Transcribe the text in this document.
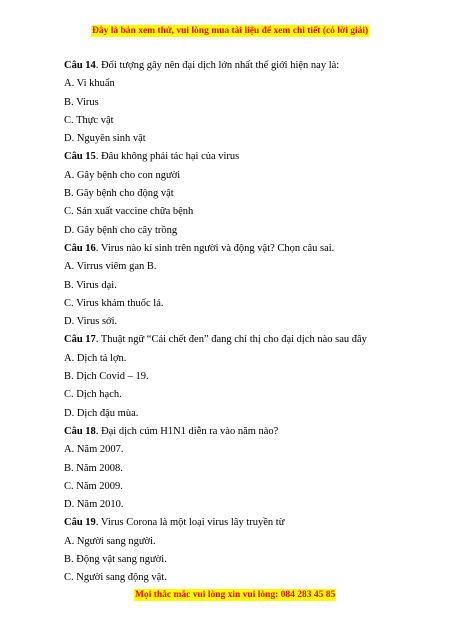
Đây là bản xem thử, vui lòng mua tài liệu để xem chi tiết (có lời giải)
Câu 14. Đối tượng gây nên đại dịch lớn nhất thế giới hiện nay là:
A. Vi khuẩn
B. Virus
C. Thực vật
D. Nguyên sinh vật
Câu 15. Đâu không phải tác hại của virus
A. Gây bệnh cho con người
B. Gây bệnh cho động vật
C. Sản xuất vaccine chữa bệnh
D. Gây bệnh cho cây trồng
Câu 16. Virus nào kí sinh trên người và động vật? Chọn câu sai.
A. Virrus viêm gan B.
B. Virus dại.
C. Virus khảm thuốc lá.
D. Virus sởi.
Câu 17. Thuật ngữ “Cái chết đen” đang chỉ thị cho đại dịch nào sau đây
A. Dịch tả lợn.
B. Dịch Covid – 19.
C. Dịch hạch.
D. Dịch đậu mùa.
Câu 18. Đại dịch cúm H1N1 diễn ra vào năm nào?
A. Năm 2007.
B. Năm 2008.
C. Năm 2009.
D. Năm 2010.
Câu 19. Virus Corona là một loại virus lây truyền từ
A. Người sang người.
B. Động vật sang người.
C. Người sang động vật.
Mọi thắc mắc vui lòng xin vui lòng: 084 283 45 85
